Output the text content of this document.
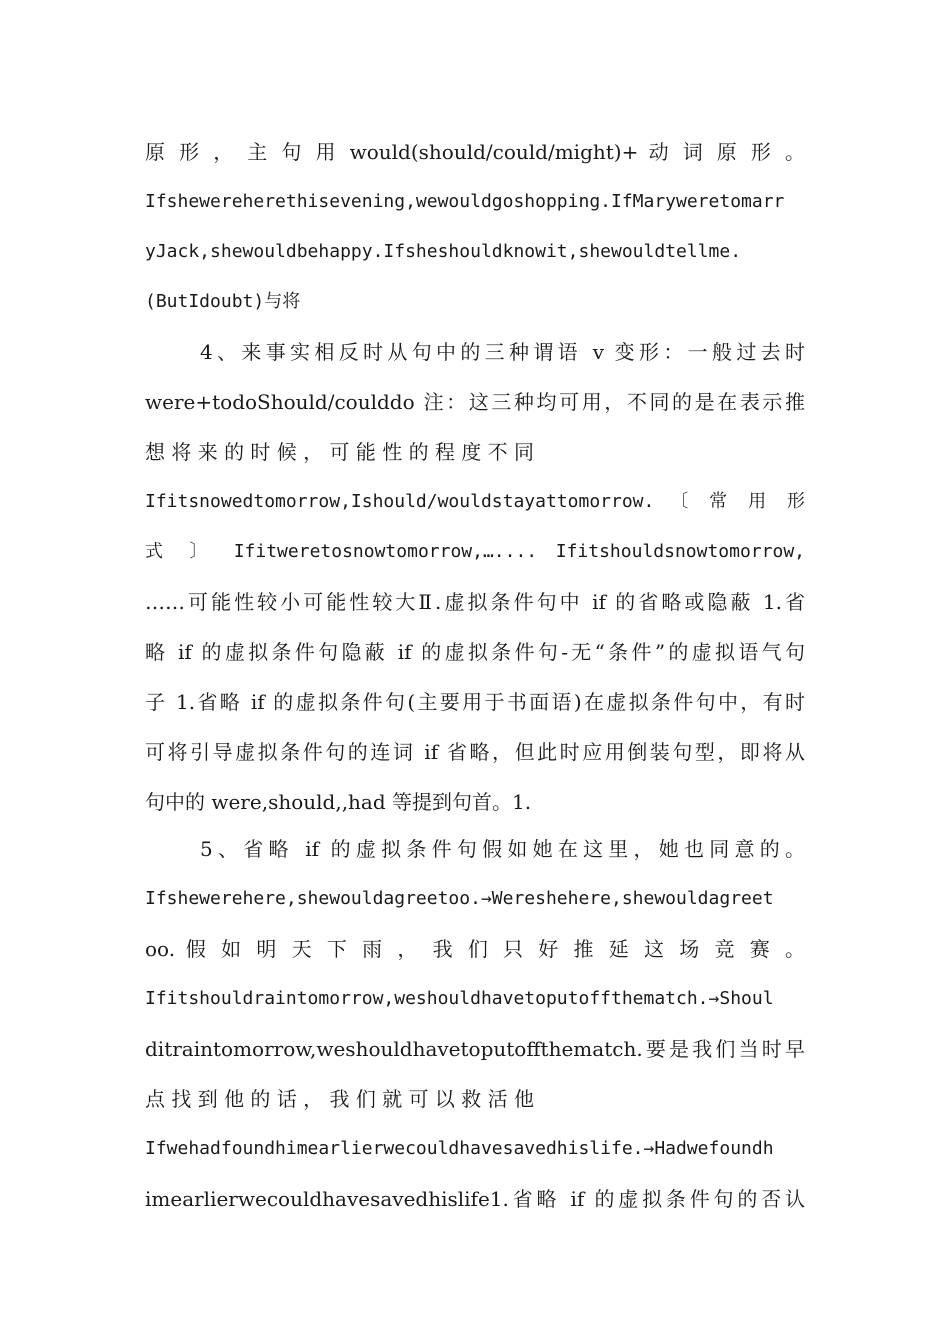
原 形 ， 主 句 用 would(should/could/might)+ 动 词 原 形 。
Ifshewereherethisevening,wewouldgoshopping.IfMaryweretomarr
yJack,shewouldbehappy.Ifsheshouldknowit,shewouldtellme.
(ButIdoubt)与将
4、来事实相反时从句中的三种谓语 v 变形：一般过去时
were+todoShould/coulddo 注：这三种均可用，不同的是在表示推
想 将 来 的 时 候 ， 可 能 性 的 程 度 不 同
Ifitsnowedtomorrow,Ishould/wouldstayattomorrow. 〔 常 用 形
式 〕 Ifitweretosnowtomorrow,….... Ifitshouldsnowtomorrow,
……可能性较小可能性较大Ⅱ.虚拟条件句中 if 的省略或隐蔽 1.省
略 if 的虚拟条件句隐蔽 if 的虚拟条件句-无“条件”的虚拟语气句
子 1.省略 if 的虚拟条件句(主要用于书面语)在虚拟条件句中，有时
可将引导虚拟条件句的连词 if 省略，但此时应用倒装句型，即将从
句中的 were,should,,had 等提到句首。1.
5、省略 if 的虚拟条件句假如她在这里，她也同意的。
Ifshewerehere,shewouldagreetoo.→Wereshehere,shewouldagreet
oo. 假 如 明 天 下 雨 ， 我 们 只 好 推 延 这 场 竞 赛 。
Ifitshouldraintomorrow,weshouldhavetoputoffthematch.→Shoul
ditraintomorrow,weshouldhavetoputoffthematch.要是我们当时早
点 找 到 他 的 话 ， 我 们 就 可 以 救 活 他
Ifwehadfoundhimearlierwecouldhavesavedhislife.→Hadwefoundh
imearlierwecouldhavesavedhislife1.省略 if 的虚拟条件句的否认
